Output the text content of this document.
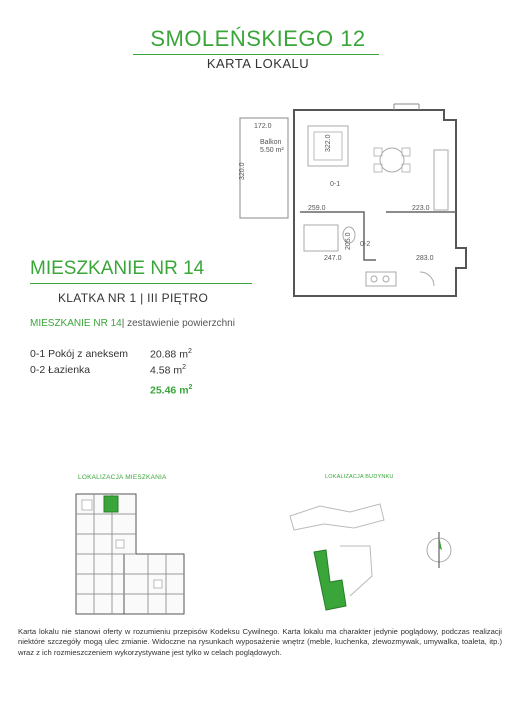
SMOLEŃSKIEGO 12
KARTA LOKALU
Balkon
5.50 m²
172.0
320.0
322.0
259.0	223.0
205.0
247.0	283.0
0-1
0-2
MIESZKANIE NR 14
KLATKA NR 1 | III PIĘTRO
MIESZKANIE NR 14| zestawienie powierzchni
0-1 Pokój z aneksem 20.88 $m^2$
0-2 Łazienka	4.58 $m^2$
25.46 $m^2$
LOKALIZACJA MIESZKANIA	LOKALIZACJA BUDYNKU
Karta lokalu nie stanowi oferty w rozumieniu przepisów Kodeksu Cywilnego. Karta lokalu ma charakter jedynie poglądowy, podczas realizacji niektóre szczegóły mogą ulec zmianie. Widoczne na rysunkach wyposażenie wnętrz (meble, kuchenka, zlewozmywak, umywalka, toaleta, itp.) wraz z ich rozmieszczeniem wykorzystywane jest tylko w celach poglądowych.
